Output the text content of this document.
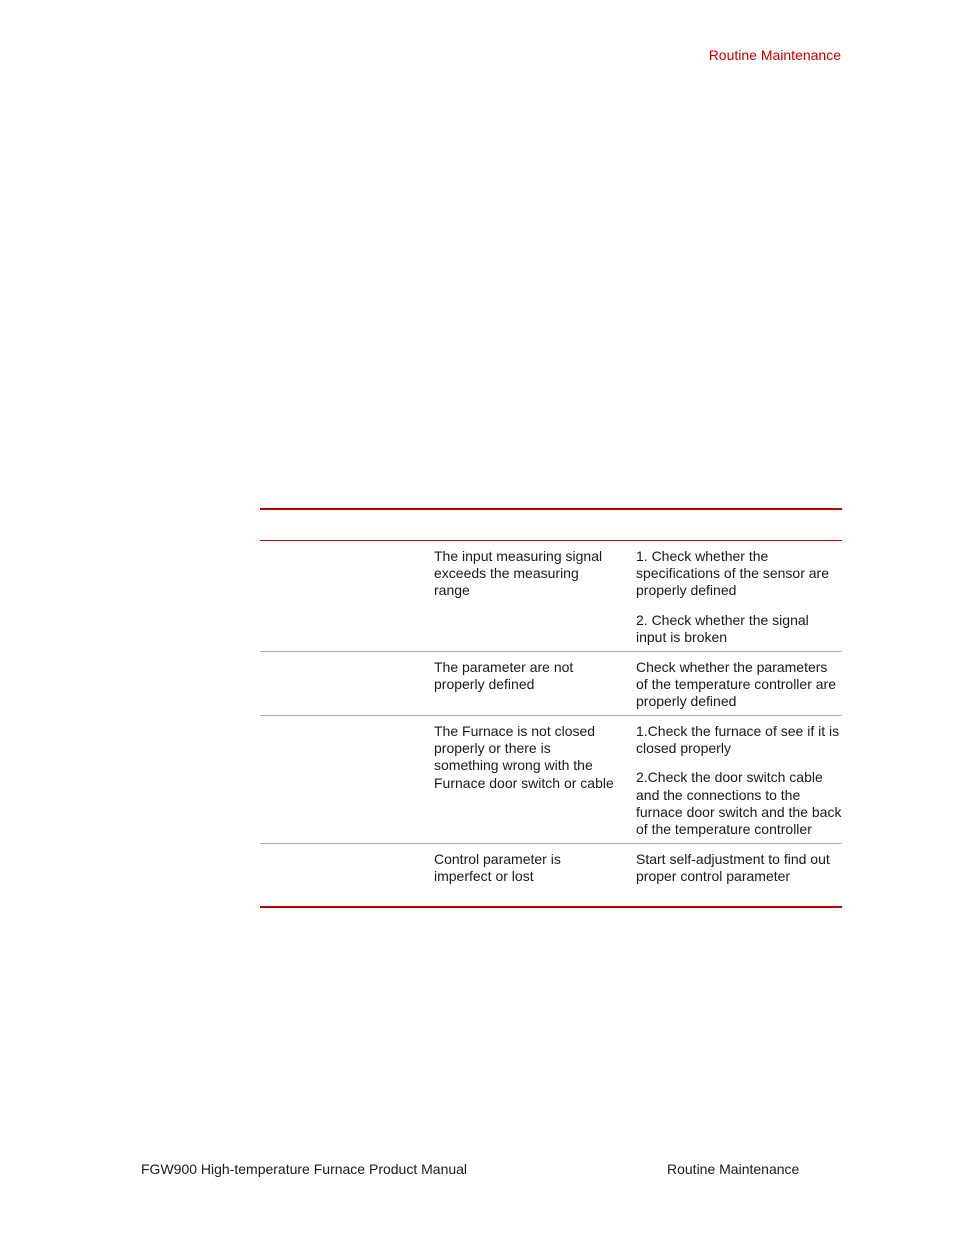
Routine Maintenance
The input measuring signal exceeds the measuring range
1. Check whether the specifications of the sensor are properly defined
2. Check whether the signal input is broken
The parameter are not properly defined
Check whether the parameters of the temperature controller are properly defined
The Furnace is not closed properly or there is something wrong with the Furnace door switch or cable
1.Check the furnace of see if it is closed properly
2.Check the door switch cable and the connections to the furnace door switch and the back of the temperature controller
Control parameter is imperfect or lost
Start self-adjustment to find out proper control parameter
FGW900 High-temperature Furnace Product Manual	Routine Maintenance
